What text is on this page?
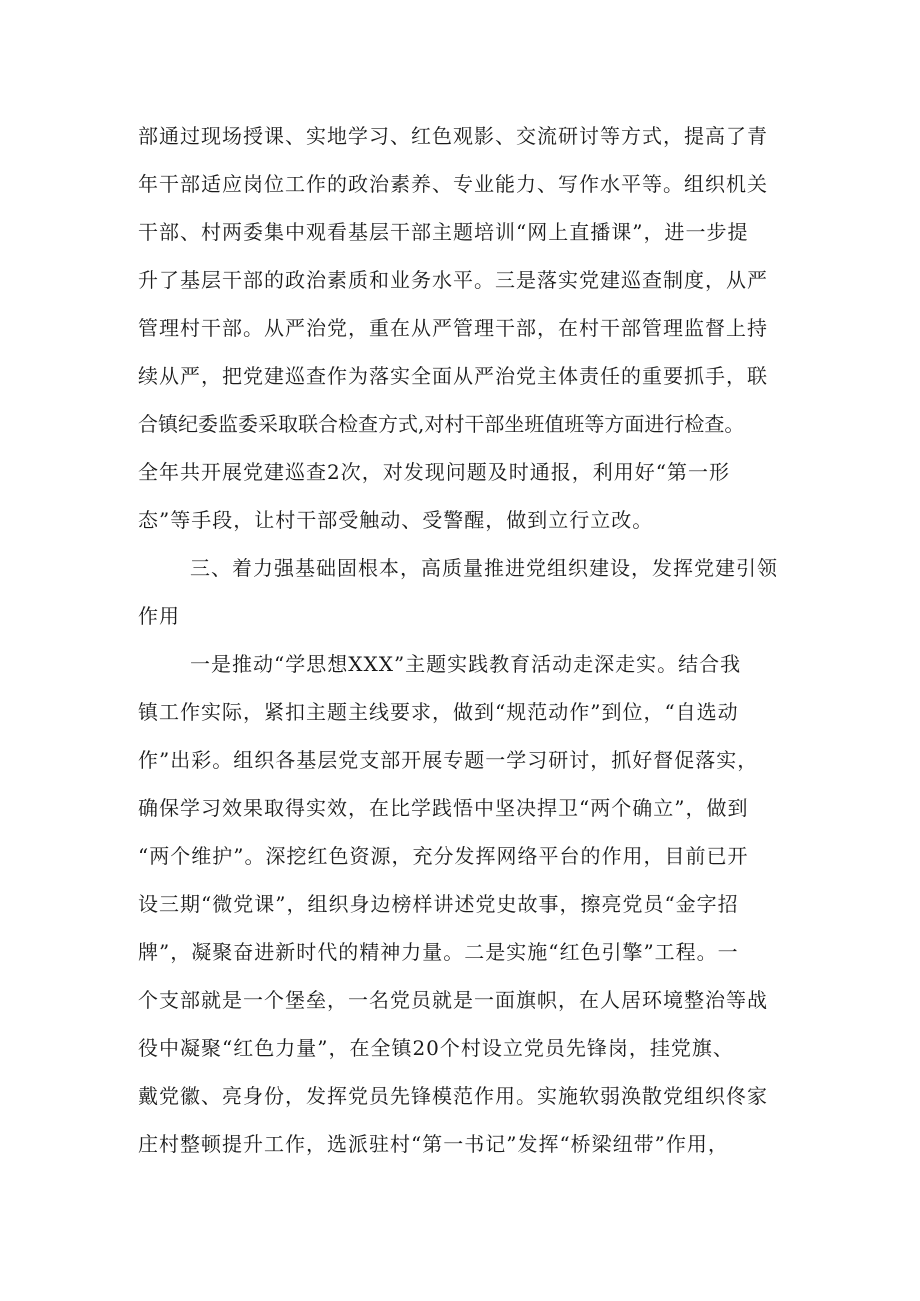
部通过现场授课、实地学习、红色观影、交流研讨等方式，提高了青
年干部适应岗位工作的政治素养、专业能力、写作水平等。组织机关
干部、村两委集中观看基层干部主题培训“网上直播课”，进一步提
升了基层干部的政治素质和业务水平。三是落实党建巡查制度，从严
管理村干部。从严治党，重在从严管理干部，在村干部管理监督上持
续从严，把党建巡查作为落实全面从严治党主体责任的重要抓手，联
合镇纪委监委采取联合检查方式,对村干部坐班值班等方面进行检查。
全年共开展党建巡查2次，对发现问题及时通报，利用好“第一形
态”等手段，让村干部受触动、受警醒，做到立行立改。
三、着力强基础固根本，高质量推进党组织建设，发挥党建引领
作用
一是推动“学思想XXX”主题实践教育活动走深走实。结合我
镇工作实际，紧扣主题主线要求，做到“规范动作”到位，“自选动
作”出彩。组织各基层党支部开展专题一学习研讨，抓好督促落实，
确保学习效果取得实效，在比学践悟中坚决捍卫“两个确立”，做到
“两个维护”。深挖红色资源，充分发挥网络平台的作用，目前已开
设三期“微党课”，组织身边榜样讲述党史故事，擦亮党员“金字招
牌”，凝聚奋进新时代的精神力量。二是实施“红色引擎”工程。一
个支部就是一个堡垒，一名党员就是一面旗帜，在人居环境整治等战
役中凝聚“红色力量”，在全镇20个村设立党员先锋岗，挂党旗、
戴党徽、亮身份，发挥党员先锋模范作用。实施软弱涣散党组织佟家
庄村整顿提升工作，选派驻村“第一书记”发挥“桥梁纽带”作用，
